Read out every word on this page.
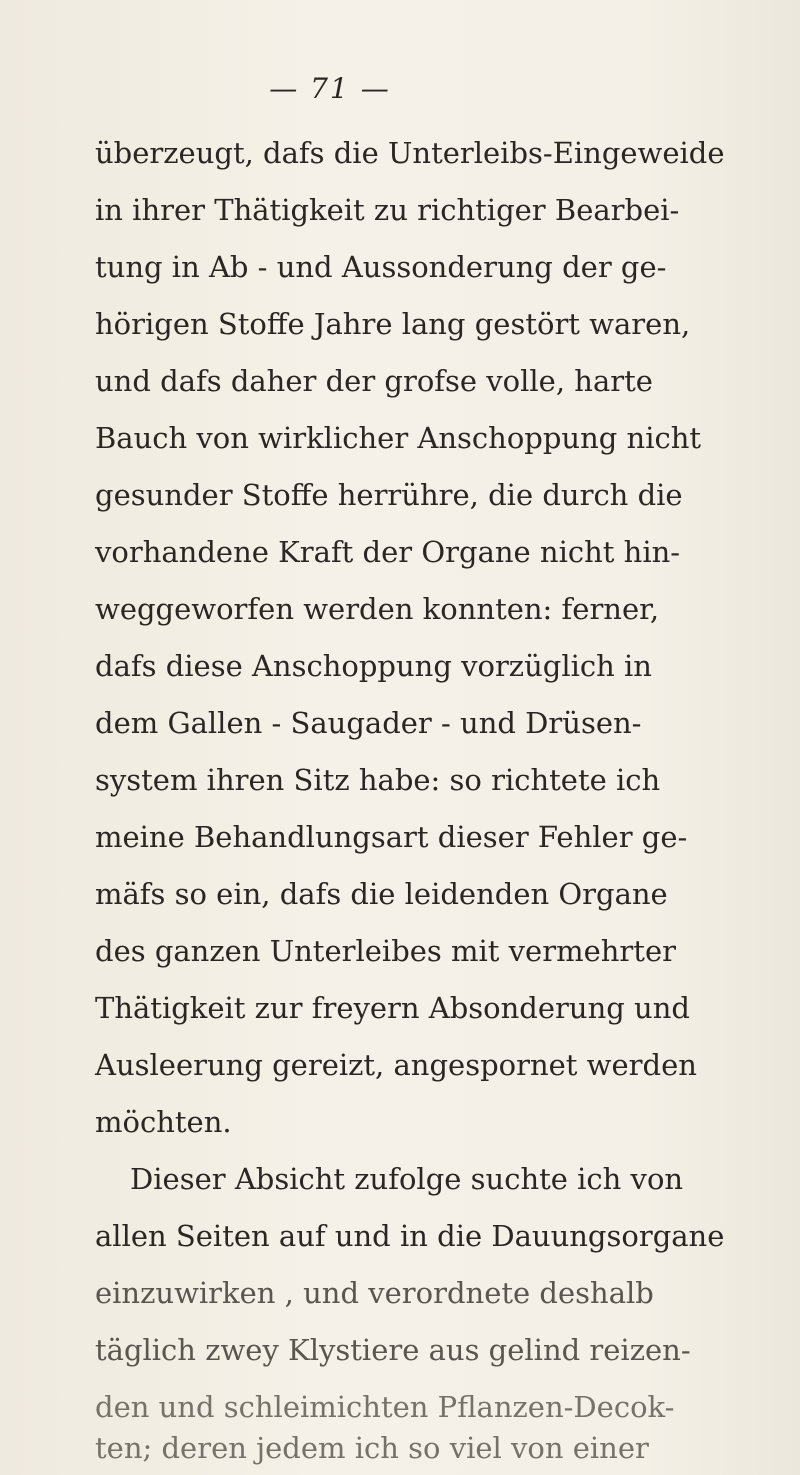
— 71 —
überzeugt, dafs die Unterleibs-Eingeweide
in ihrer Thätigkeit zu richtiger Bearbei-
tung in Ab - und Aussonderung der ge-
hörigen Stoffe Jahre lang gestört waren,
und dafs daher der grofse volle, harte
Bauch von wirklicher Anschoppung nicht
gesunder Stoffe herrühre, die durch die
vorhandene Kraft der Organe nicht hin-
weggeworfen werden konnten: ferner,
dafs diese Anschoppung vorzüglich in
dem Gallen - Saugader - und Drüsen-
system ihren Sitz habe: so richtete ich
meine Behandlungsart dieser Fehler ge-
mäfs so ein, dafs die leidenden Organe
des ganzen Unterleibes mit vermehrter
Thätigkeit zur freyern Absonderung und
Ausleerung gereizt, angespornet werden
möchten.
Dieser Absicht zufolge suchte ich von
allen Seiten auf und in die Dauungsorgane
einzuwirken , und verordnete deshalb
täglich zwey Klystiere aus gelind reizen-
den und schleimichten Pflanzen-Decok-
ten; deren jedem ich so viel von einer
